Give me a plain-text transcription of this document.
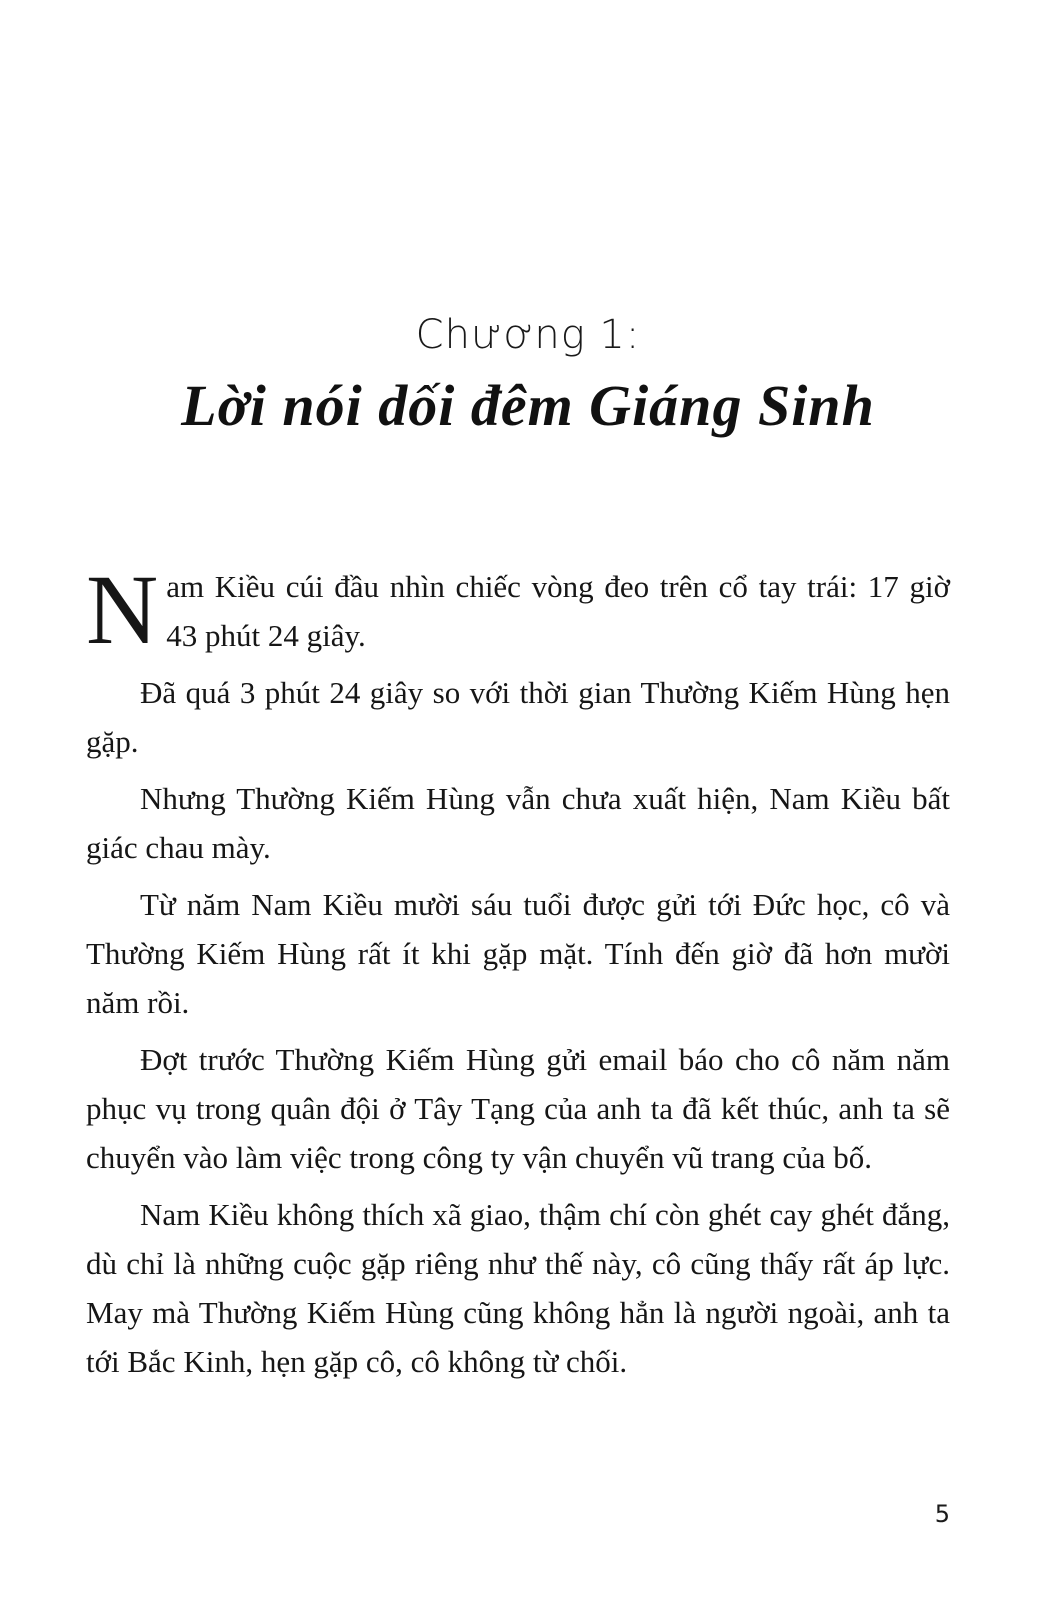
Chương 1:
Lời nói dối đêm Giáng Sinh

Nam Kiều cúi đầu nhìn chiếc vòng đeo trên cổ tay trái: 17 giờ 43 phút 24 giây.

Đã quá 3 phút 24 giây so với thời gian Thường Kiếm Hùng hẹn gặp.

Nhưng Thường Kiếm Hùng vẫn chưa xuất hiện, Nam Kiều bất giác chau mày.

Từ năm Nam Kiều mười sáu tuổi được gửi tới Đức học, cô và Thường Kiếm Hùng rất ít khi gặp mặt. Tính đến giờ đã hơn mười năm rồi.

Đợt trước Thường Kiếm Hùng gửi email báo cho cô năm năm phục vụ trong quân đội ở Tây Tạng của anh ta đã kết thúc, anh ta sẽ chuyển vào làm việc trong công ty vận chuyển vũ trang của bố.

Nam Kiều không thích xã giao, thậm chí còn ghét cay ghét đắng, dù chỉ là những cuộc gặp riêng như thế này, cô cũng thấy rất áp lực. May mà Thường Kiếm Hùng cũng không hẳn là người ngoài, anh ta tới Bắc Kinh, hẹn gặp cô, cô không từ chối.

5
